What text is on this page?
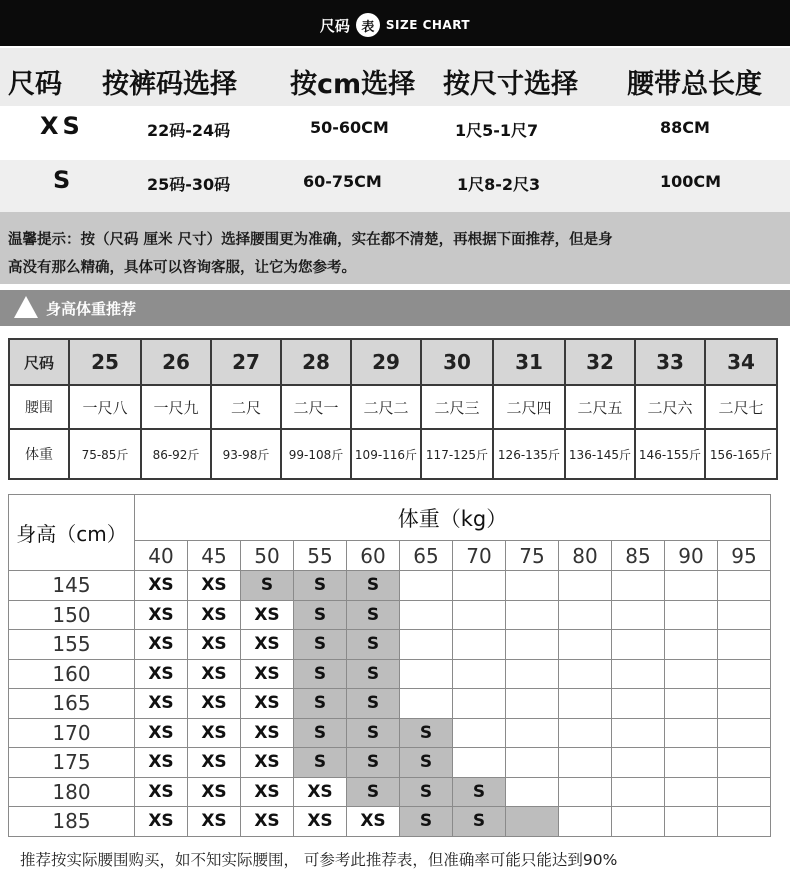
尺码 表 SIZE CHART
尺码 按裤码选择 按cm选择 按尺寸选择 腰带总长度
XS	22码-24码	50-60CM	1尺5-1尺7	88CM
S	25码-30码	60-75CM	1尺8-2尺3	100CM
温馨提示：按（尺码 厘米 尺寸）选择腰围更为准确，实在都不清楚，再根据下面推荐，但是身
高没有那么精确，具体可以咨询客服，让它为您参考。
身高体重推荐
尺码	25	26	27	28	29	30	31	32	33	34
腰围	一尺八	一尺九	二尺	二尺一	二尺二	二尺三	二尺四	二尺五	二尺六	二尺七
体重	75-85斤	86-92斤	93-98斤	99-108斤	109-116斤	117-125斤	126-135斤	136-145斤	146-155斤	156-165斤
身高（cm）	体重（kg）											
	40	45	50	55	60	65	70	75	80	85	90	95
145	XS	XS	S	S	S							
150	XS	XS	XS	S	S							
155	XS	XS	XS	S	S							
160	XS	XS	XS	S	S							
165	XS	XS	XS	S	S							
170	XS	XS	XS	S	S	S						
175	XS	XS	XS	S	S	S						
180	XS	XS	XS	XS	S	S	S					
185	XS	XS	XS	XS	XS	S	S					
推荐按实际腰围购买，如不知实际腰围， 可参考此推荐表，但准确率可能只能达到90%
